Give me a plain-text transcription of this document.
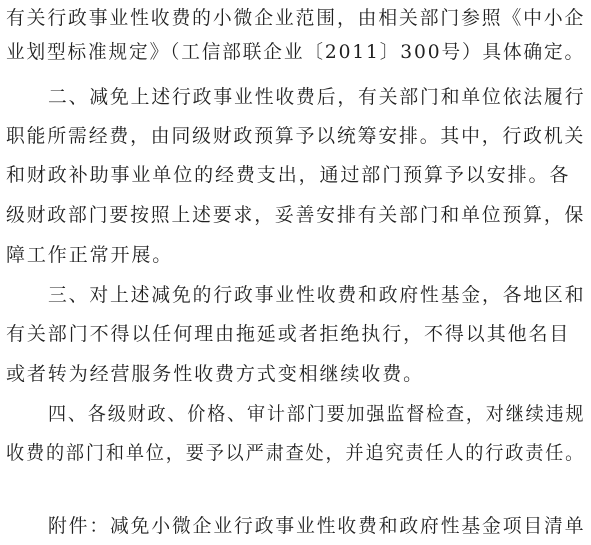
有关行政事业性收费的小微企业范围，由相关部门参照《中小企
业划型标准规定》（工信部联企业〔2011〕300号）具体确定。
二、减免上述行政事业性收费后，有关部门和单位依法履行
职能所需经费，由同级财政预算予以统筹安排。其中，行政机关
和财政补助事业单位的经费支出，通过部门预算予以安排。各
级财政部门要按照上述要求，妥善安排有关部门和单位预算，保
障工作正常开展。
三、对上述减免的行政事业性收费和政府性基金，各地区和
有关部门不得以任何理由拖延或者拒绝执行，不得以其他名目
或者转为经营服务性收费方式变相继续收费。
四、各级财政、价格、审计部门要加强监督检查，对继续违规
收费的部门和单位，要予以严肃查处，并追究责任人的行政责任。
附件：减免小微企业行政事业性收费和政府性基金项目清单
